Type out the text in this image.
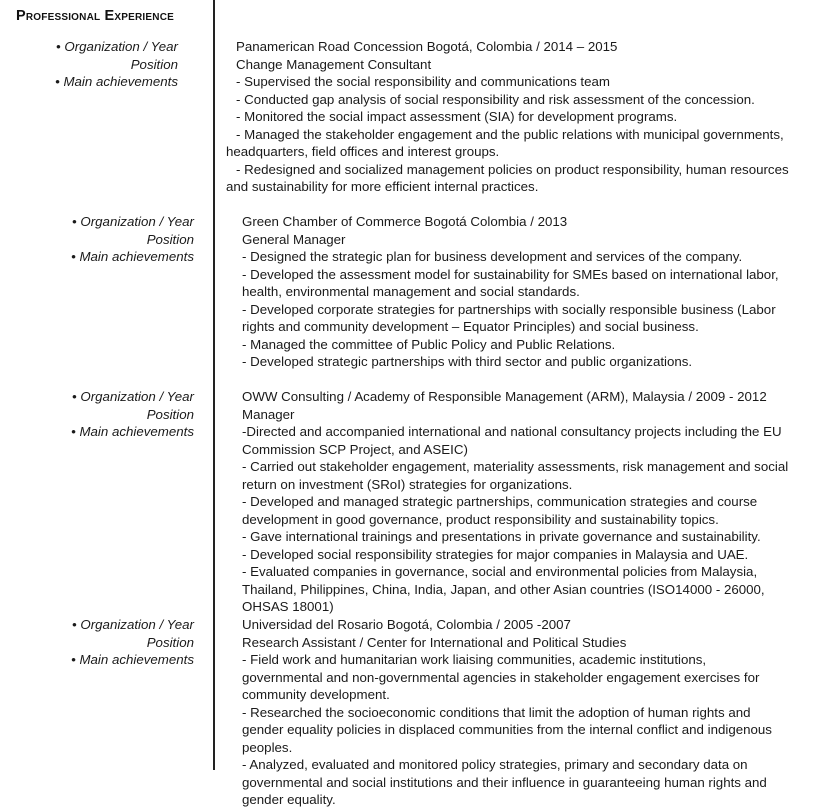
Professional Experience
• Organization / Year
Position
• Main achievements
Panamerican Road Concession Bogotá, Colombia / 2014 – 2015
Change Management Consultant
- Supervised the social responsibility and communications team
- Conducted gap analysis of social responsibility and risk assessment of the concession.
- Monitored the social impact assessment (SIA) for development programs.
- Managed the stakeholder engagement and the public relations with municipal governments, headquarters, field offices and interest groups.
- Redesigned and socialized management policies on product responsibility, human resources and sustainability for more efficient internal practices.
• Organization / Year
Position
• Main achievements
Green Chamber of Commerce Bogotá Colombia / 2013
General Manager
- Designed the strategic plan for business development and services of the company.
- Developed the assessment model for sustainability for SMEs based on international labor, health, environmental management and social standards.
- Developed corporate strategies for partnerships with socially responsible business (Labor rights and community development – Equator Principles) and social business.
- Managed the committee of Public Policy and Public Relations.
- Developed strategic partnerships with third sector and public organizations.
• Organization / Year
Position
• Main achievements
OWW Consulting / Academy of Responsible Management (ARM), Malaysia / 2009 - 2012
Manager
-Directed and accompanied international and national consultancy projects including the EU Commission SCP Project, and ASEIC)
- Carried out stakeholder engagement, materiality assessments, risk management and social return on investment (SRoI) strategies for organizations.
- Developed and managed strategic partnerships, communication strategies and course development in good governance, product responsibility and sustainability topics.
- Gave international trainings and presentations in private governance and sustainability.
- Developed social responsibility strategies for major companies in Malaysia and UAE.
- Evaluated companies in governance, social and environmental policies from Malaysia, Thailand, Philippines, China, India, Japan, and other Asian countries (ISO14000 - 26000, OHSAS 18001)
• Organization / Year
Position
• Main achievements
Universidad del Rosario Bogotá, Colombia / 2005 -2007
Research Assistant / Center for International and Political Studies
- Field work and humanitarian work liaising communities, academic institutions, governmental and non-governmental agencies in stakeholder engagement exercises for community development.
- Researched the socioeconomic conditions that limit the adoption of human rights and gender equality policies in displaced communities from the internal conflict and indigenous peoples.
- Analyzed, evaluated and monitored policy strategies, primary and secondary data on governmental and social institutions and their influence in guaranteeing human rights and gender equality.
